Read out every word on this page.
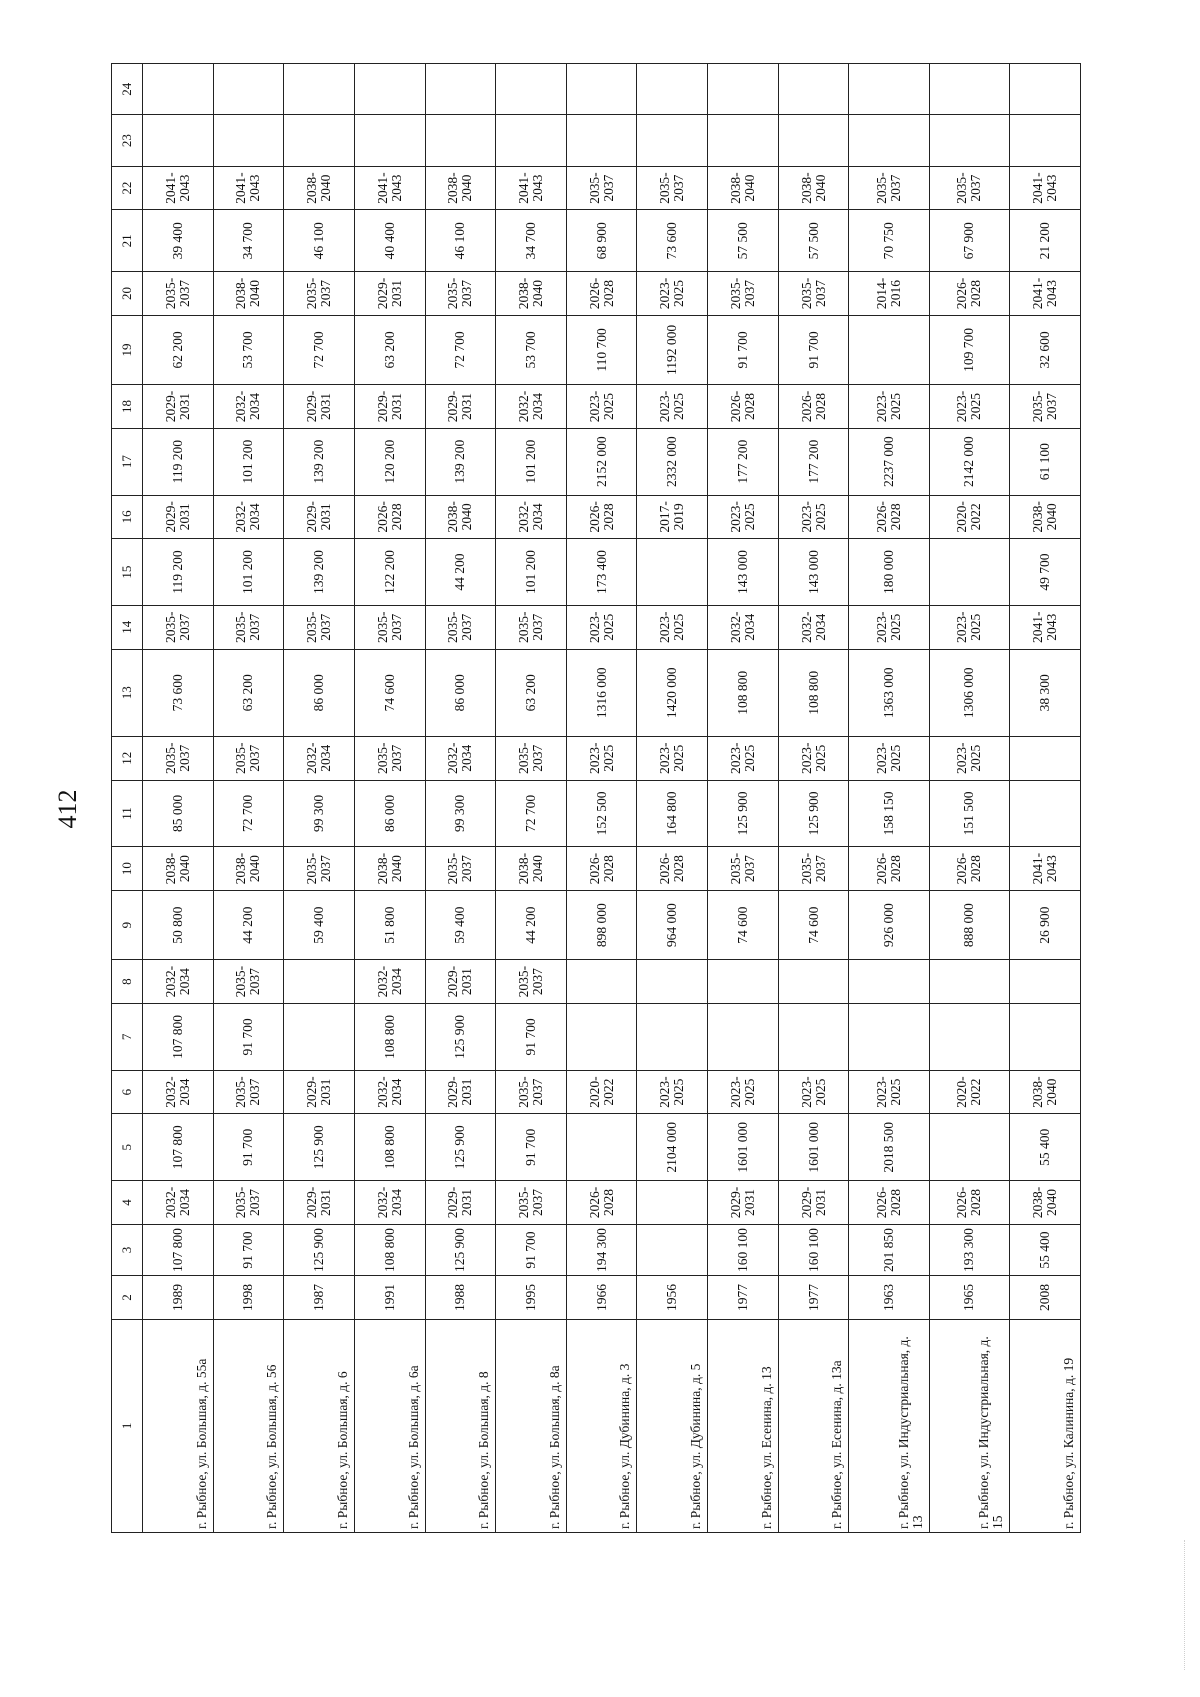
412
1	2	3	4	5	6	7	8	9	10	11	12	13	14	15	16	17	18	19	20	21	22	23	24
г. Рыбное, ул. Большая, д. 55а	1989	107 800	2032-2034	107 800	2032-2034	107 800	2032-2034	50 800	2038-2040	85 000	2035-2037	73 600	2035-2037	119 200	2029-2031	119 200	2029-2031	62 200	2035-2037	39 400	2041-2043		
г. Рыбное, ул. Большая, д. 56	1998	91 700	2035-2037	91 700	2035-2037	91 700	2035-2037	44 200	2038-2040	72 700	2035-2037	63 200	2035-2037	101 200	2032-2034	101 200	2032-2034	53 700	2038-2040	34 700	2041-2043		
г. Рыбное, ул. Большая, д. 6	1987	125 900	2029-2031	125 900	2029-2031			59 400	2035-2037	99 300	2032-2034	86 000	2035-2037	139 200	2029-2031	139 200	2029-2031	72 700	2035-2037	46 100	2038-2040		
г. Рыбное, ул. Большая, д. 6а	1991	108 800	2032-2034	108 800	2032-2034	108 800	2032-2034	51 800	2038-2040	86 000	2035-2037	74 600	2035-2037	122 200	2026-2028	120 200	2029-2031	63 200	2029-2031	40 400	2041-2043		
г. Рыбное, ул. Большая, д. 8	1988	125 900	2029-2031	125 900	2029-2031	125 900	2029-2031	59 400	2035-2037	99 300	2032-2034	86 000	2035-2037	44 200	2038-2040	139 200	2029-2031	72 700	2035-2037	46 100	2038-2040		
г. Рыбное, ул. Большая, д. 8а	1995	91 700	2035-2037	91 700	2035-2037	91 700	2035-2037	44 200	2038-2040	72 700	2035-2037	63 200	2035-2037	101 200	2032-2034	101 200	2032-2034	53 700	2038-2040	34 700	2041-2043		
г. Рыбное, ул. Дубинина, д. 3	1966	194 300	2026-2028		2020-2022			898 000	2026-2028	152 500	2023-2025	1316 000	2023-2025	173 400	2026-2028	2152 000	2023-2025	110 700	2026-2028	68 900	2035-2037		
г. Рыбное, ул. Дубинина, д. 5	1956			2104 000	2023-2025			964 000	2026-2028	164 800	2023-2025	1420 000	2023-2025		2017-2019	2332 000	2023-2025	1192 000	2023-2025	73 600	2035-2037		
г. Рыбное, ул. Есенина, д. 13	1977	160 100	2029-2031	1601 000	2023-2025			74 600	2035-2037	125 900	2023-2025	108 800	2032-2034	143 000	2023-2025	177 200	2026-2028	91 700	2035-2037	57 500	2038-2040		
г. Рыбное, ул. Есенина, д. 13а	1977	160 100	2029-2031	1601 000	2023-2025			74 600	2035-2037	125 900	2023-2025	108 800	2032-2034	143 000	2023-2025	177 200	2026-2028	91 700	2035-2037	57 500	2038-2040		
г. Рыбное, ул. Индустриальная, д. 13	1963	201 850	2026-2028	2018 500	2023-2025			926 000	2026-2028	158 150	2023-2025	1363 000	2023-2025	180 000	2026-2028	2237 000	2023-2025		2014-2016	70 750	2035-2037		
г. Рыбное, ул. Индустриальная, д. 15	1965	193 300	2026-2028		2020-2022			888 000	2026-2028	151 500	2023-2025	1306 000	2023-2025		2020-2022	2142 000	2023-2025	109 700	2026-2028	67 900	2035-2037		
г. Рыбное, ул. Калинина, д. 19	2008	55 400	2038-2040	55 400	2038-2040			26 900	2041-2043			38 300	2041-2043	49 700	2038-2040	61 100	2035-2037	32 600	2041-2043	21 200	2041-2043		
